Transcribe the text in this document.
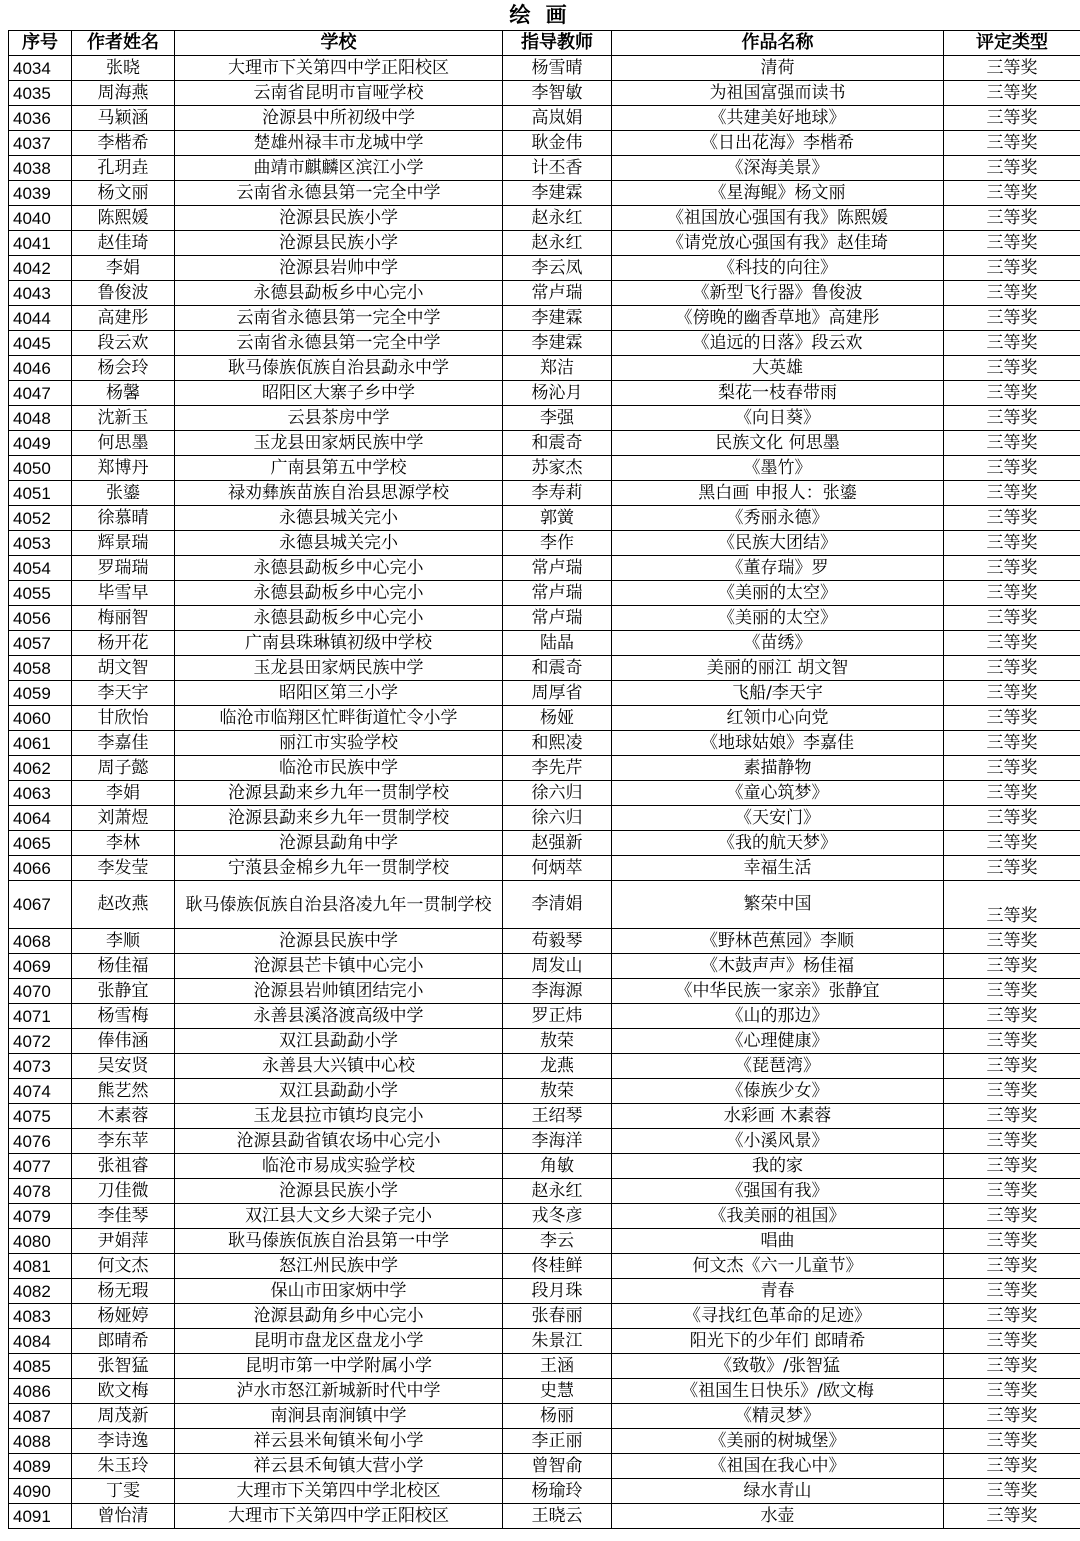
绘 画
序号	作者姓名	学校	指导教师	作品名称	评定类型
4034	张晓	大理市下关第四中学正阳校区	杨雪晴	清荷	三等奖
4035	周海燕	云南省昆明市盲哑学校	李智敏	为祖国富强而读书	三等奖
4036	马颖涵	沧源县中所初级中学	高岚娟	《共建美好地球》	三等奖
4037	李楷希	楚雄州禄丰市龙城中学	耿金伟	《日出花海》李楷希	三等奖
4038	孔玥垚	曲靖市麒麟区滨江小学	计丕香	《深海美景》	三等奖
4039	杨文丽	云南省永德县第一完全中学	李建霖	《星海鲲》杨文丽	三等奖
4040	陈熙媛	沧源县民族小学	赵永红	《祖国放心强国有我》陈熙媛	三等奖
4041	赵佳琦	沧源县民族小学	赵永红	《请党放心强国有我》赵佳琦	三等奖
4042	李娟	沧源县岩帅中学	李云凤	《科技的向往》	三等奖
4043	鲁俊波	永德县勐板乡中心完小	常卢瑞	《新型飞行器》鲁俊波	三等奖
4044	高建彤	云南省永德县第一完全中学	李建霖	《傍晚的幽香草地》高建彤	三等奖
4045	段云欢	云南省永德县第一完全中学	李建霖	《追远的日落》段云欢	三等奖
4046	杨会玲	耿马傣族佤族自治县勐永中学	郑洁	大英雄	三等奖
4047	杨馨	昭阳区大寨子乡中学	杨沁月	梨花一枝春带雨	三等奖
4048	沈新玉	云县茶房中学	李强	《向日葵》	三等奖
4049	何思墨	玉龙县田家炳民族中学	和震奇	民族文化 何思墨	三等奖
4050	郑博丹	广南县第五中学校	苏家杰	《墨竹》	三等奖
4051	张鎏	禄劝彝族苗族自治县思源学校	李寿莉	黑白画 申报人：张鎏	三等奖
4052	徐慕晴	永德县城关完小	郭黉	《秀丽永德》	三等奖
4053	辉景瑞	永德县城关完小	李作	《民族大团结》	三等奖
4054	罗瑞瑞	永德县勐板乡中心完小	常卢瑞	《董存瑞》罗	三等奖
4055	毕雪早	永德县勐板乡中心完小	常卢瑞	《美丽的太空》	三等奖
4056	梅丽智	永德县勐板乡中心完小	常卢瑞	《美丽的太空》	三等奖
4057	杨开花	广南县珠琳镇初级中学校	陆晶	《苗绣》	三等奖
4058	胡文智	玉龙县田家炳民族中学	和震奇	美丽的丽江 胡文智	三等奖
4059	李天宇	昭阳区第三小学	周厚省	飞船/李天宇	三等奖
4060	甘欣怡	临沧市临翔区忙畔街道忙令小学	杨娅	红领巾心向党	三等奖
4061	李嘉佳	丽江市实验学校	和熙凌	《地球姑娘》李嘉佳	三等奖
4062	周子懿	临沧市民族中学	李先芹	素描静物	三等奖
4063	李娟	沧源县勐来乡九年一贯制学校	徐六归	《童心筑梦》	三等奖
4064	刘萧煜	沧源县勐来乡九年一贯制学校	徐六归	《天安门》	三等奖
4065	李林	沧源县勐角中学	赵强新	《我的航天梦》	三等奖
4066	李发莹	宁蒗县金棉乡九年一贯制学校	何炳萃	幸福生活	三等奖
4067	赵改燕	耿马傣族佤族自治县洛凌九年一贯制学校	李清娟	繁荣中国	三等奖
4068	李顺	沧源县民族中学	苟毅琴	《野林芭蕉园》李顺	三等奖
4069	杨佳福	沧源县芒卡镇中心完小	周发山	《木鼓声声》杨佳福	三等奖
4070	张静宜	沧源县岩帅镇团结完小	李海源	《中华民族一家亲》张静宜	三等奖
4071	杨雪梅	永善县溪洛渡高级中学	罗正炜	《山的那边》	三等奖
4072	俸伟涵	双江县勐勐小学	敖荣	《心理健康》	三等奖
4073	吴安贤	永善县大兴镇中心校	龙燕	《琵琶湾》	三等奖
4074	熊艺然	双江县勐勐小学	敖荣	《傣族少女》	三等奖
4075	木素蓉	玉龙县拉市镇均良完小	王绍琴	水彩画 木素蓉	三等奖
4076	李东苹	沧源县勐省镇农场中心完小	李海洋	《小溪风景》	三等奖
4077	张祖睿	临沧市易成实验学校	角敏	我的家	三等奖
4078	刀佳微	沧源县民族小学	赵永红	《强国有我》	三等奖
4079	李佳琴	双江县大文乡大梁子完小	戎冬彦	《我美丽的祖国》	三等奖
4080	尹娟萍	耿马傣族佤族自治县第一中学	李云	唱曲	三等奖
4081	何文杰	怒江州民族中学	佟桂鲜	何文杰《六一儿童节》	三等奖
4082	杨无瑕	保山市田家炳中学	段月珠	青春	三等奖
4083	杨娅婷	沧源县勐角乡中心完小	张春丽	《寻找红色革命的足迹》	三等奖
4084	郎晴希	昆明市盘龙区盘龙小学	朱景江	阳光下的少年们 郎晴希	三等奖
4085	张智猛	昆明市第一中学附属小学	王涵	《致敬》/张智猛	三等奖
4086	欧文梅	泸水市怒江新城新时代中学	史慧	《祖国生日快乐》/欧文梅	三等奖
4087	周茂新	南涧县南涧镇中学	杨丽	《精灵梦》	三等奖
4088	李诗逸	祥云县米甸镇米甸小学	李正丽	《美丽的树城堡》	三等奖
4089	朱玉玲	祥云县禾甸镇大营小学	曾智俞	《祖国在我心中》	三等奖
4090	丁雯	大理市下关第四中学北校区	杨瑜玲	绿水青山	三等奖
4091	曾怡清	大理市下关第四中学正阳校区	王晓云	水壶	三等奖
